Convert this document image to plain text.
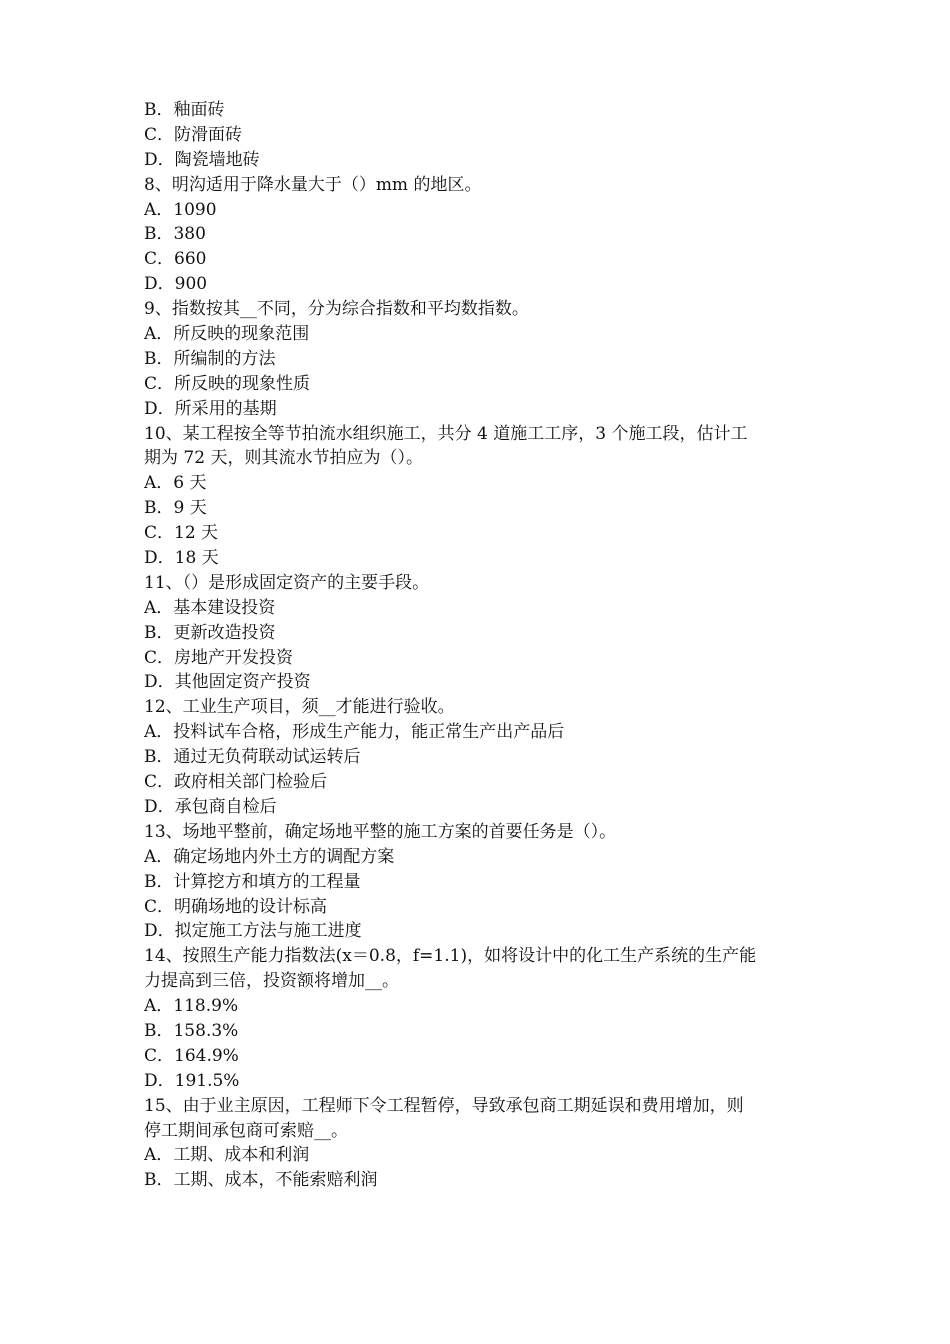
B．釉面砖
C．防滑面砖
D．陶瓷墙地砖
8、明沟适用于降水量大于（）mm 的地区。
A．1090
B．380
C．660
D．900
9、指数按其__不同，分为综合指数和平均数指数。
A．所反映的现象范围
B．所编制的方法
C．所反映的现象性质
D．所采用的基期
10、某工程按全等节拍流水组织施工，共分 4 道施工工序，3 个施工段，估计工
期为 72 天，则其流水节拍应为（）。
A．6 天
B．9 天
C．12 天
D．18 天
11、（）是形成固定资产的主要手段。
A．基本建设投资
B．更新改造投资
C．房地产开发投资
D．其他固定资产投资
12、工业生产项目，须__才能进行验收。
A．投料试车合格，形成生产能力，能正常生产出产品后
B．通过无负荷联动试运转后
C．政府相关部门检验后
D．承包商自检后
13、场地平整前，确定场地平整的施工方案的首要任务是（）。
A．确定场地内外土方的调配方案
B．计算挖方和填方的工程量
C．明确场地的设计标高
D．拟定施工方法与施工进度
14、按照生产能力指数法(x＝0.8，f=1.1)，如将设计中的化工生产系统的生产能
力提高到三倍，投资额将增加__。
A．118.9%
B．158.3%
C．164.9%
D．191.5%
15、由于业主原因，工程师下令工程暂停，导致承包商工期延误和费用增加，则
停工期间承包商可索赔__。
A．工期、成本和利润
B．工期、成本，不能索赔利润
